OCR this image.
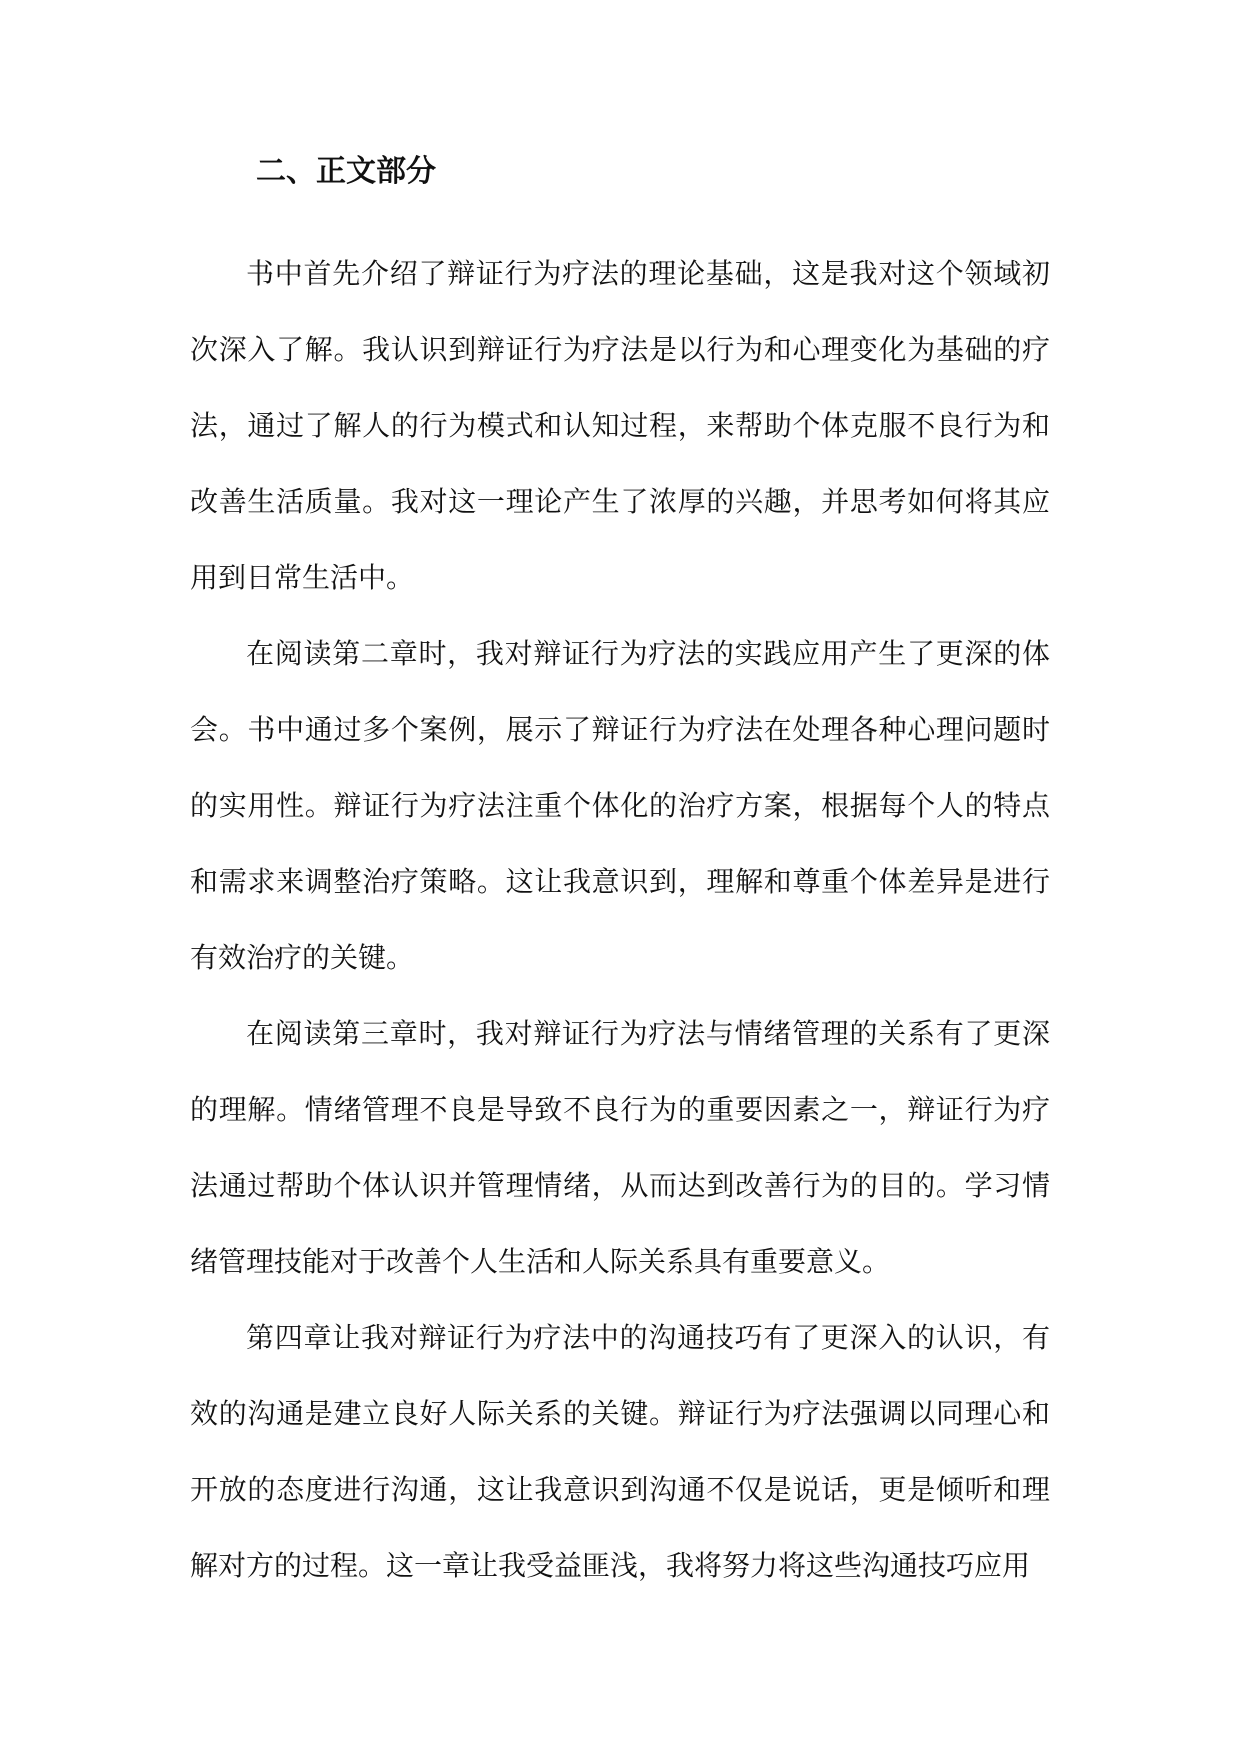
二、正文部分

书中首先介绍了辩证行为疗法的理论基础，这是我对这个领域初次深入了解。我认识到辩证行为疗法是以行为和心理变化为基础的疗法，通过了解人的行为模式和认知过程，来帮助个体克服不良行为和改善生活质量。我对这一理论产生了浓厚的兴趣，并思考如何将其应用到日常生活中。

在阅读第二章时，我对辩证行为疗法的实践应用产生了更深的体会。书中通过多个案例，展示了辩证行为疗法在处理各种心理问题时的实用性。辩证行为疗法注重个体化的治疗方案，根据每个人的特点和需求来调整治疗策略。这让我意识到，理解和尊重个体差异是进行有效治疗的关键。

在阅读第三章时，我对辩证行为疗法与情绪管理的关系有了更深的理解。情绪管理不良是导致不良行为的重要因素之一，辩证行为疗法通过帮助个体认识并管理情绪，从而达到改善行为的目的。学习情绪管理技能对于改善个人生活和人际关系具有重要意义。

第四章让我对辩证行为疗法中的沟通技巧有了更深入的认识，有效的沟通是建立良好人际关系的关键。辩证行为疗法强调以同理心和开放的态度进行沟通，这让我意识到沟通不仅是说话，更是倾听和理解对方的过程。这一章让我受益匪浅，我将努力将这些沟通技巧应用
